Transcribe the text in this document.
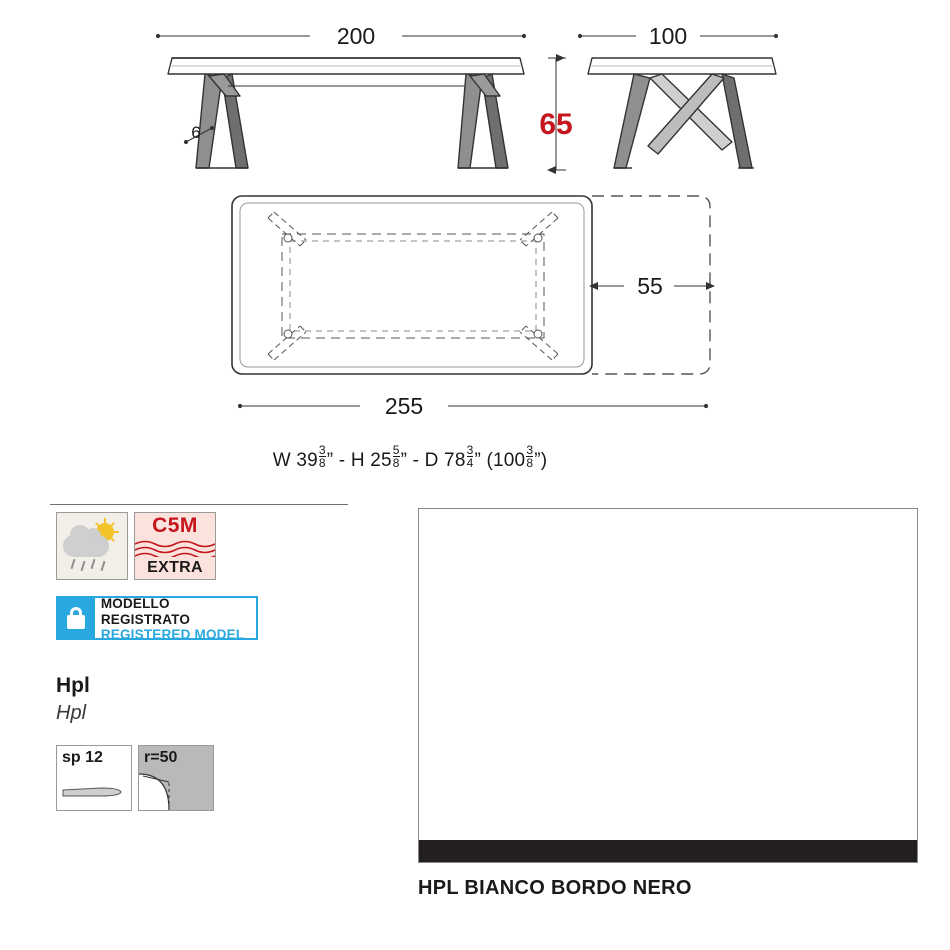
200
6
100
65
55
255
W $39 \frac{3}{8}$ ” - H $25 \frac{5}{8}$ ” - D $78 \frac{3}{4}$ ” ($100 \frac{3}{8}$ ”)
C5M
EXTRA
MODELLO REGISTRATO
REGISTERED MODEL
Hpl
Hpl
sp 12	r=50
HPL BIANCO BORDO NERO
